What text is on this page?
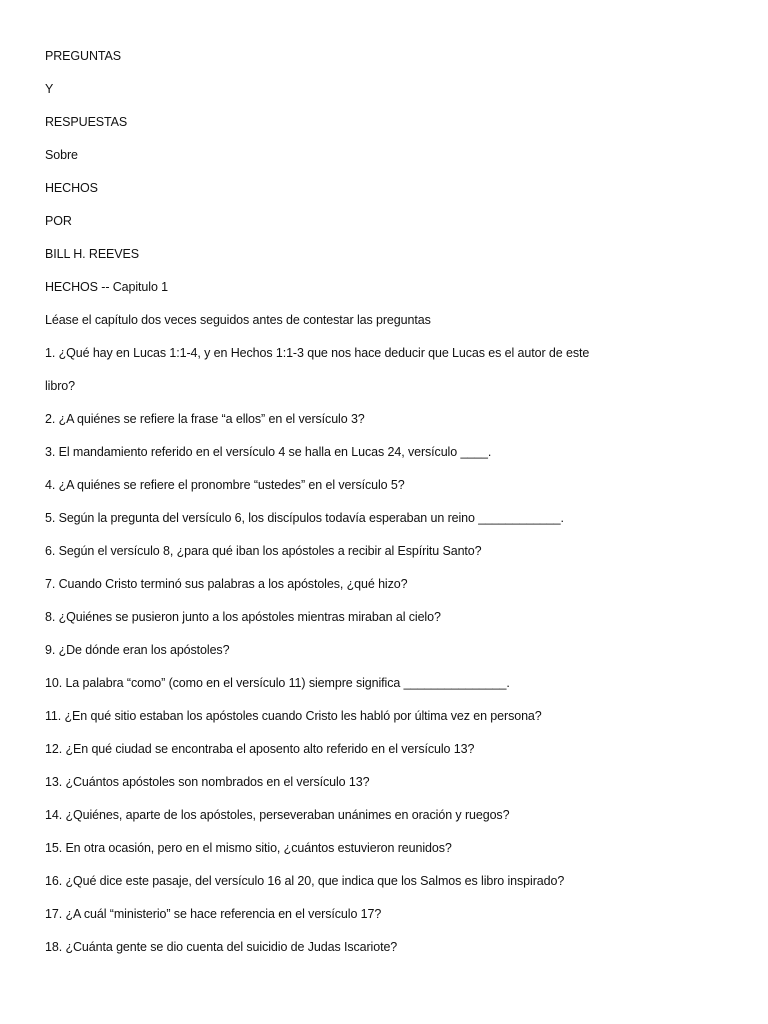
PREGUNTAS
Y
RESPUESTAS
Sobre
HECHOS
POR
BILL H. REEVES
HECHOS -- Capitulo 1
Léase el capítulo dos veces seguidos antes de contestar las preguntas
1. ¿Qué hay en Lucas 1:1-4, y en Hechos 1:1-3 que nos hace deducir que Lucas es el autor de este
libro?
2. ¿A quiénes se refiere la frase “a ellos” en el versículo 3?
3. El mandamiento referido en el versículo 4 se halla en Lucas 24, versículo ____.
4. ¿A quiénes se refiere el pronombre “ustedes” en el versículo 5?
5. Según la pregunta del versículo 6, los discípulos todavía esperaban un reino ____________.
6. Según el versículo 8, ¿para qué iban los apóstoles a recibir al Espíritu Santo?
7. Cuando Cristo terminó sus palabras a los apóstoles, ¿qué hizo?
8. ¿Quiénes se pusieron junto a los apóstoles mientras miraban al cielo?
9. ¿De dónde eran los apóstoles?
10. La palabra “como” (como en el versículo 11) siempre significa _______________.
11. ¿En qué sitio estaban los apóstoles cuando Cristo les habló por última vez en persona?
12. ¿En qué ciudad se encontraba el aposento alto referido en el versículo 13?
13. ¿Cuántos apóstoles son nombrados en el versículo 13?
14. ¿Quiénes, aparte de los apóstoles, perseveraban unánimes en oración y ruegos?
15. En otra ocasión, pero en el mismo sitio, ¿cuántos estuvieron reunidos?
16. ¿Qué dice este pasaje, del versículo 16 al 20, que indica que los Salmos es libro inspirado?
17. ¿A cuál “ministerio” se hace referencia en el versículo 17?
18. ¿Cuánta gente se dio cuenta del suicidio de Judas Iscariote?
